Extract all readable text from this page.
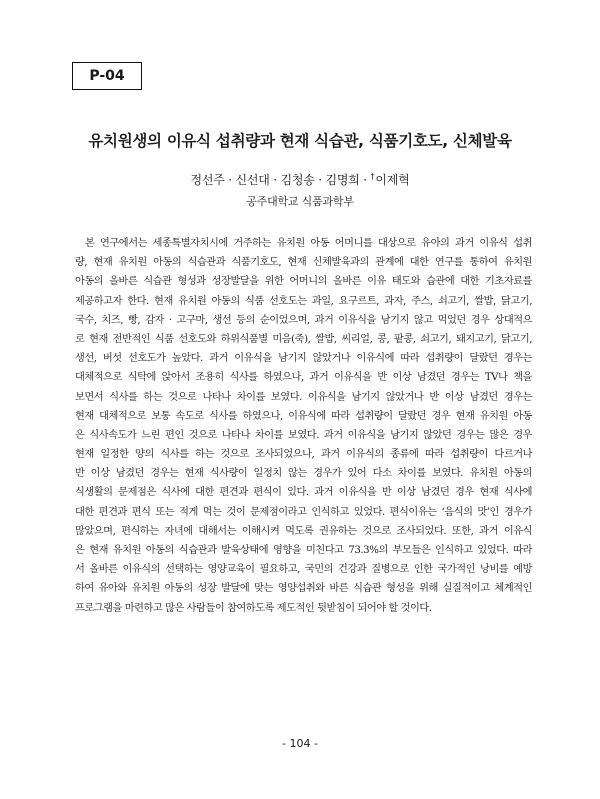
P-04
유치원생의 이유식 섭취량과 현재 식습관, 식품기호도, 신체발육
정선주 · 신선대 · 김청송 · 김명희 · †이제혁
공주대학교 식품과학부
본 연구에서는 세종특별자치시에 거주하는 유치원 아동 어머니를 대상으로 유아의 과거 이유식 섭취
량, 현재 유치원 아동의 식습관과 식품기호도, 현재 신체발육과의 관계에 대한 연구를 통하여 유치원
아동의 올바른 식습관 형성과 성장발달을 위한 어머니의 올바른 이유 태도와 습관에 대한 기초자료를
제공하고자 한다. 현재 유치원 아동의 식품 선호도는 과일, 요구르트, 과자, 주스, 쇠고기, 쌀밥, 닭고기,
국수, 치즈, 빵, 감자 · 고구마, 생선 등의 순이었으며, 과거 이유식을 남기지 않고 먹었던 경우 상대적으
로 현재 전반적인 식품 선호도와 하위식품별 미음(죽), 쌀밥, 씨리얼, 콩, 팥콩, 쇠고기, 돼지고기, 닭고기,
생선, 버섯 선호도가 높았다. 과거 이유식을 남기지 않았거나 이유식에 따라 섭취량이 달랐던 경우는
대체적으로 식탁에 앉아서 조용히 식사를 하였으나, 과거 이유식을 반 이상 남겼던 경우는 TV나 책을
보면서 식사를 하는 것으로 나타나 차이를 보였다. 이유식을 남기지 않았거나 반 이상 남겼던 경우는
현재 대체적으로 보통 속도로 식사를 하였으나, 이유식에 따라 섭취량이 달랐던 경우 현재 유치원 아동
은 식사속도가 느린 편인 것으로 나타나 차이를 보였다. 과거 이유식을 남기지 않았던 경우는 많은 경우
현재 일정한 양의 식사를 하는 것으로 조사되었으나, 과거 이유식의 종류에 따라 섭취량이 다르거나
반 이상 남겼던 경우는 현재 식사량이 일정치 않는 경우가 있어 다소 차이를 보였다. 유치원 아동의
식생활의 문제점은 식사에 대한 편견과 편식이 있다. 과거 이유식을 반 이상 남겼던 경우 현재 식사에
대한 편견과 편식 또는 적게 먹는 것이 문제점이라고 인식하고 있었다. 편식이유는 ‘음식의 맛’인 경우가
많았으며, 편식하는 자녀에 대해서는 이해시켜 먹도록 권유하는 것으로 조사되었다. 또한, 과거 이유식
은 현재 유치원 아동의 식습관과 발육상태에 영향을 미친다고 73.3%의 부모들은 인식하고 있었다. 따라
서 올바른 이유식의 선택하는 영양교육이 필요하고, 국민의 건강과 질병으로 인한 국가적인 낭비를 예방
하여 유아와 유치원 아동의 성장 발달에 맞는 영양섭취와 바른 식습관 형성을 위해 실질적이고 체계적인
프로그램을 마련하고 많은 사람들이 참여하도록 제도적인 뒷받침이 되어야 할 것이다.
- 104 -
